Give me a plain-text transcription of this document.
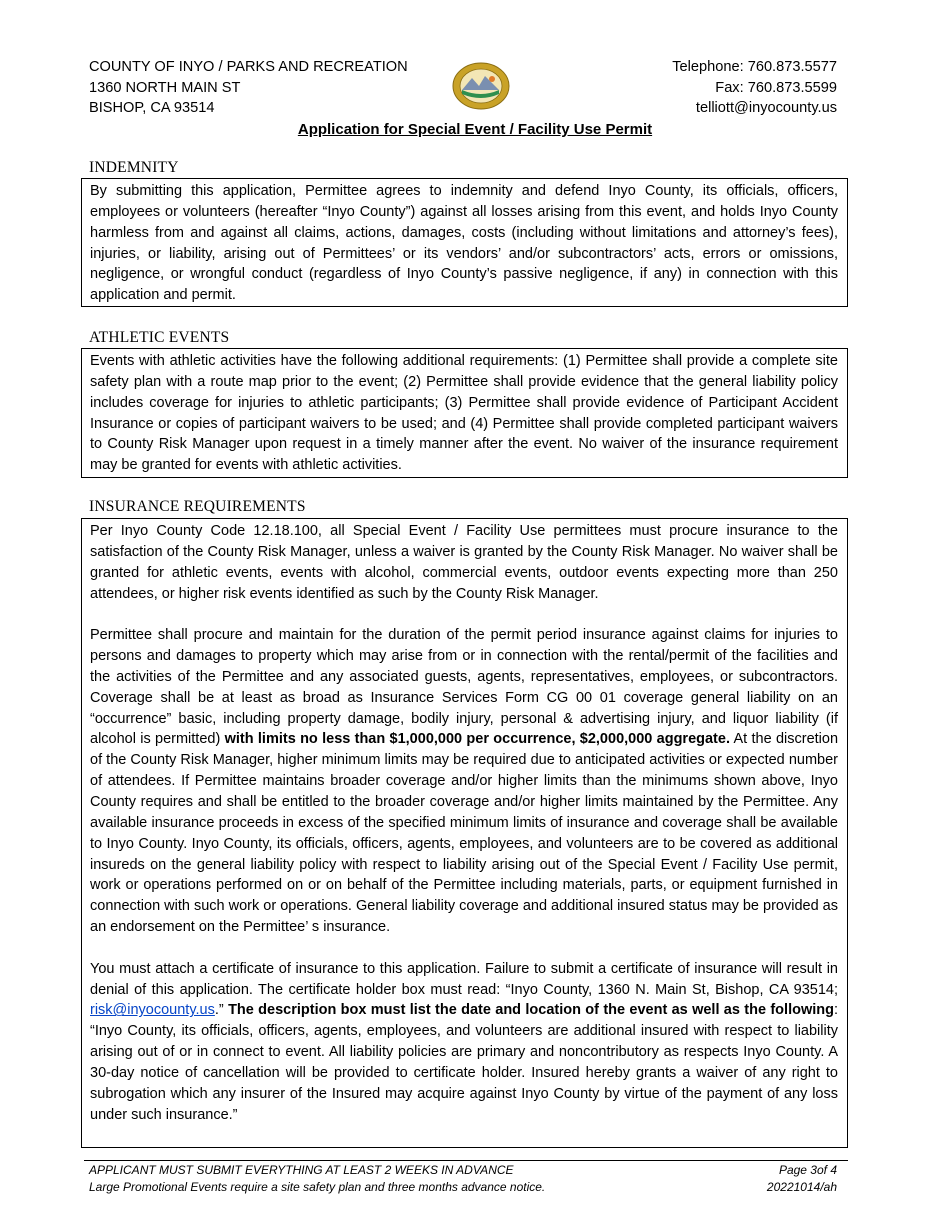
COUNTY OF INYO / PARKS AND RECREATION
1360 NORTH MAIN ST
BISHOP, CA 93514
Telephone: 760.873.5577
Fax: 760.873.5599
telliott@inyocounty.us
Application for Special Event / Facility Use Permit
INDEMNITY

By submitting this application, Permittee agrees to indemnity and defend Inyo County, its officials, officers, employees or volunteers (hereafter “Inyo County”) against all losses arising from this event, and holds Inyo County harmless from and against all claims, actions, damages, costs (including without limitations and attorney’s fees), injuries, or liability, arising out of Permittees’ or its vendors’ and/or subcontractors’ acts, errors or omissions, negligence, or wrongful conduct (regardless of Inyo County’s passive negligence, if any) in connection with this application and permit.

ATHLETIC EVENTS

Events with athletic activities have the following additional requirements: (1) Permittee shall provide a complete site safety plan with a route map prior to the event; (2) Permittee shall provide evidence that the general liability policy includes coverage for injuries to athletic participants; (3) Permittee shall provide evidence of Participant Accident Insurance or copies of participant waivers to be used; and (4) Permittee shall provide completed participant waivers to County Risk Manager upon request in a timely manner after the event. No waiver of the insurance requirement may be granted for events with athletic activities.

INSURANCE REQUIREMENTS

Per Inyo County Code 12.18.100, all Special Event / Facility Use permittees must procure insurance to the satisfaction of the County Risk Manager, unless a waiver is granted by the County Risk Manager. No waiver shall be granted for athletic events, events with alcohol, commercial events, outdoor events expecting more than 250 attendees, or higher risk events identified as such by the County Risk Manager.

Permittee shall procure and maintain for the duration of the permit period insurance against claims for injuries to persons and damages to property which may arise from or in connection with the rental/permit of the facilities and the activities of the Permittee and any associated guests, agents, representatives, employees, or subcontractors. Coverage shall be at least as broad as Insurance Services Form CG 00 01 coverage general liability on an “occurrence” basic, including property damage, bodily injury, personal & advertising injury, and liquor liability (if alcohol is permitted) with limits no less than $1,000,000 per occurrence, $2,000,000 aggregate. At the discretion of the County Risk Manager, higher minimum limits may be required due to anticipated activities or expected number of attendees. If Permittee maintains broader coverage and/or higher limits than the minimums shown above, Inyo County requires and shall be entitled to the broader coverage and/or higher limits maintained by the Permittee. Any available insurance proceeds in excess of the specified minimum limits of insurance and coverage shall be available to Inyo County. Inyo County, its officials, officers, agents, employees, and volunteers are to be covered as additional insureds on the general liability policy with respect to liability arising out of the Special Event / Facility Use permit, work or operations performed on or on behalf of the Permittee including materials, parts, or equipment furnished in connection with such work or operations. General liability coverage and additional insured status may be provided as an endorsement on the Permittee’ s insurance.

You must attach a certificate of insurance to this application. Failure to submit a certificate of insurance will result in denial of this application. The certificate holder box must read: “Inyo County, 1360 N. Main St, Bishop, CA 93514; risk@inyocounty.us.” The description box must list the date and location of the event as well as the following: “Inyo County, its officials, officers, agents, employees, and volunteers are additional insured with respect to liability arising out of or in connect to event. All liability policies are primary and noncontributory as respects Inyo County. A 30-day notice of cancellation will be provided to certificate holder. Insured hereby grants a waiver of any right to subrogation which any insurer of the Insured may acquire against Inyo County by virtue of the payment of any loss under such insurance.”

APPLICANT MUST SUBMIT EVERYTHING AT LEAST 2 WEEKS IN ADVANCE
Large Promotional Events require a site safety plan and three months advance notice.
Page 3of 4
20221014/ah
